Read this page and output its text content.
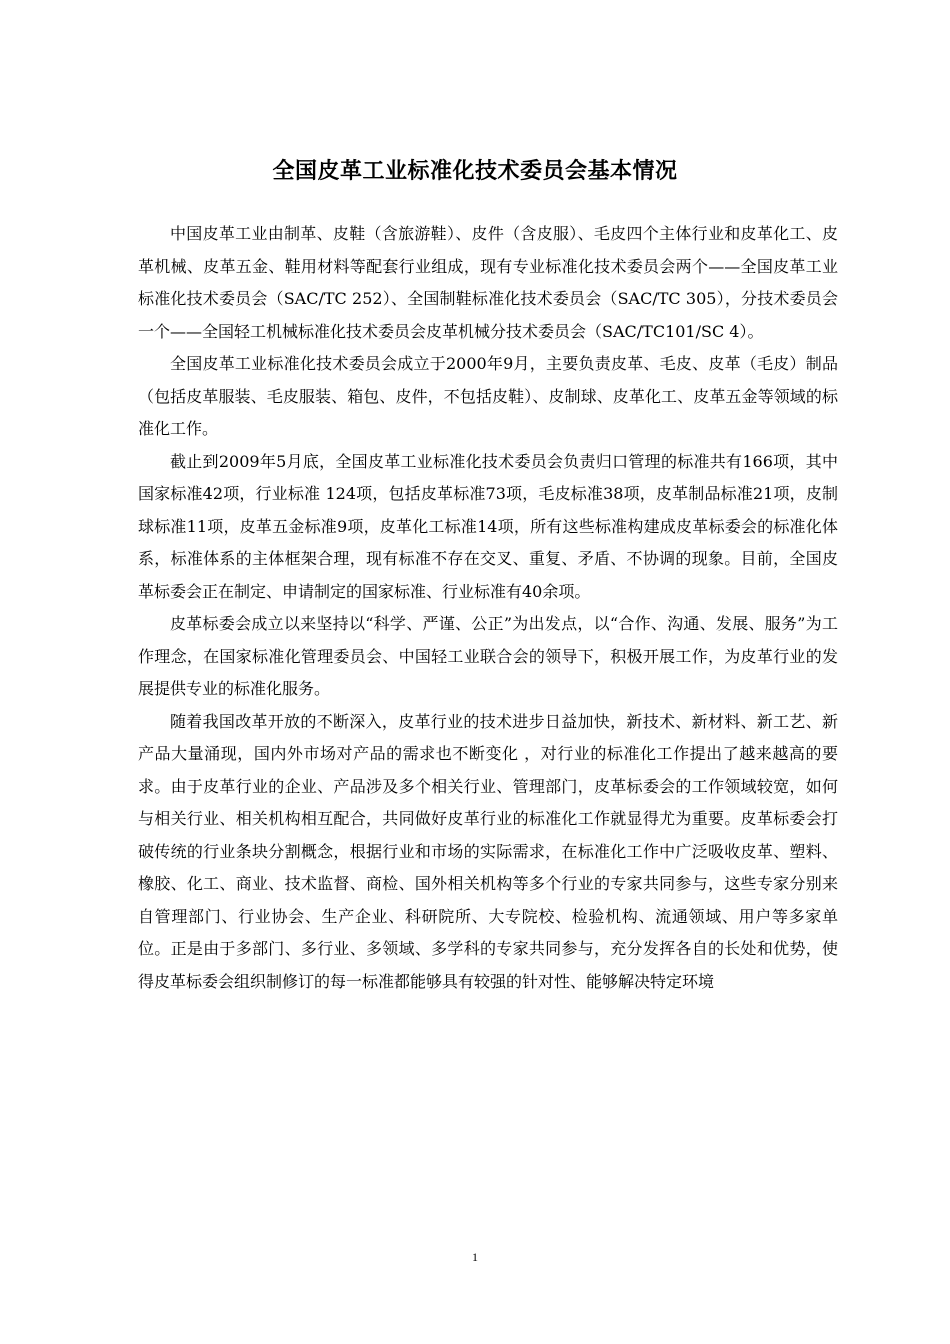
全国皮革工业标准化技术委员会基本情况

中国皮革工业由制革、皮鞋（含旅游鞋）、皮件（含皮服）、毛皮四个主体行业和皮革化工、皮革机械、皮革五金、鞋用材料等配套行业组成，现有专业标准化技术委员会两个——全国皮革工业标准化技术委员会（SAC/TC 252）、全国制鞋标准化技术委员会（SAC/TC 305），分技术委员会一个——全国轻工机械标准化技术委员会皮革机械分技术委员会（SAC/TC101/SC 4）。

全国皮革工业标准化技术委员会成立于2000年9月，主要负责皮革、毛皮、皮革（毛皮）制品（包括皮革服装、毛皮服装、箱包、皮件，不包括皮鞋）、皮制球、皮革化工、皮革五金等领域的标准化工作。

截止到2009年5月底，全国皮革工业标准化技术委员会负责归口管理的标准共有166项，其中国家标准42项，行业标准 124项，包括皮革标准73项，毛皮标准38项，皮革制品标准21项，皮制球标准11项，皮革五金标准9项，皮革化工标准14项，所有这些标准构建成皮革标委会的标准化体系，标准体系的主体框架合理，现有标准不存在交叉、重复、矛盾、不协调的现象。目前，全国皮革标委会正在制定、申请制定的国家标准、行业标准有40余项。

皮革标委会成立以来坚持以“科学、严谨、公正”为出发点，以“合作、沟通、发展、服务”为工作理念，在国家标准化管理委员会、中国轻工业联合会的领导下，积极开展工作，为皮革行业的发展提供专业的标准化服务。

随着我国改革开放的不断深入，皮革行业的技术进步日益加快，新技术、新材料、新工艺、新产品大量涌现，国内外市场对产品的需求也不断变化 ，对行业的标准化工作提出了越来越高的要求。由于皮革行业的企业、产品涉及多个相关行业、管理部门，皮革标委会的工作领域较宽，如何与相关行业、相关机构相互配合，共同做好皮革行业的标准化工作就显得尤为重要。皮革标委会打破传统的行业条块分割概念，根据行业和市场的实际需求，在标准化工作中广泛吸收皮革、塑料、橡胶、化工、商业、技术监督、商检、国外相关机构等多个行业的专家共同参与，这些专家分别来自管理部门、行业协会、生产企业、科研院所、大专院校、检验机构、流通领域、用户等多家单位。正是由于多部门、多行业、多领域、多学科的专家共同参与，充分发挥各自的长处和优势，使得皮革标委会组织制修订的每一标准都能够具有较强的针对性、能够解决特定环境

1
